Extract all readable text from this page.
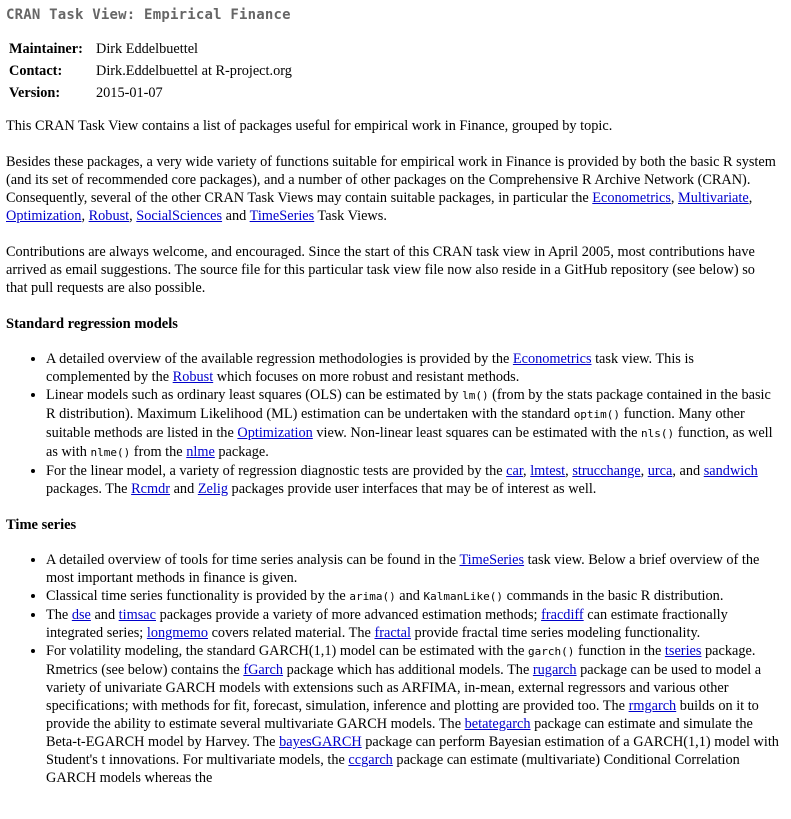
CRAN Task View: Empirical Finance
Maintainer:	Dirk Eddelbuettel
Contact:	Dirk.Eddelbuettel at R-project.org
Version:	2015-01-07

This CRAN Task View contains a list of packages useful for empirical work in Finance, grouped by topic.

Besides these packages, a very wide variety of functions suitable for empirical work in Finance is provided by both the basic R system (and its set of recommended core packages), and a number of other packages on the Comprehensive R Archive Network (CRAN). Consequently, several of the other CRAN Task Views may contain suitable packages, in particular the Econometrics, Multivariate, Optimization, Robust, SocialSciences and TimeSeries Task Views.

Contributions are always welcome, and encouraged. Since the start of this CRAN task view in April 2005, most contributions have arrived as email suggestions. The source file for this particular task view file now also reside in a GitHub repository (see below) so that pull requests are also possible.

Standard regression models
• A detailed overview of the available regression methodologies is provided by the Econometrics task view. This is complemented by the Robust which focuses on more robust and resistant methods.
• Linear models such as ordinary least squares (OLS) can be estimated by lm() (from by the stats package contained in the basic R distribution). Maximum Likelihood (ML) estimation can be undertaken with the standard optim() function. Many other suitable methods are listed in the Optimization view. Non-linear least squares can be estimated with the nls() function, as well as with nlme() from the nlme package.
• For the linear model, a variety of regression diagnostic tests are provided by the car, lmtest, strucchange, urca, and sandwich packages. The Rcmdr and Zelig packages provide user interfaces that may be of interest as well.
Time series
• A detailed overview of tools for time series analysis can be found in the TimeSeries task view. Below a brief overview of the most important methods in finance is given.
• Classical time series functionality is provided by the arima() and KalmanLike() commands in the basic R distribution.
• The dse and timsac packages provide a variety of more advanced estimation methods; fracdiff can estimate fractionally integrated series; longmemo covers related material. The fractal provide fractal time series modeling functionality.
• For volatility modeling, the standard GARCH(1,1) model can be estimated with the garch() function in the tseries package. Rmetrics (see below) contains the fGarch package which has additional models. The rugarch package can be used to model a variety of univariate GARCH models with extensions such as ARFIMA, in-mean, external regressors and various other specifications; with methods for fit, forecast, simulation, inference and plotting are provided too. The rmgarch builds on it to provide the ability to estimate several multivariate GARCH models. The betategarch package can estimate and simulate the Beta-t-EGARCH model by Harvey. The bayesGARCH package can perform Bayesian estimation of a GARCH(1,1) model with Student's t innovations. For multivariate models, the ccgarch package can estimate (multivariate) Conditional Correlation GARCH models whereas the
